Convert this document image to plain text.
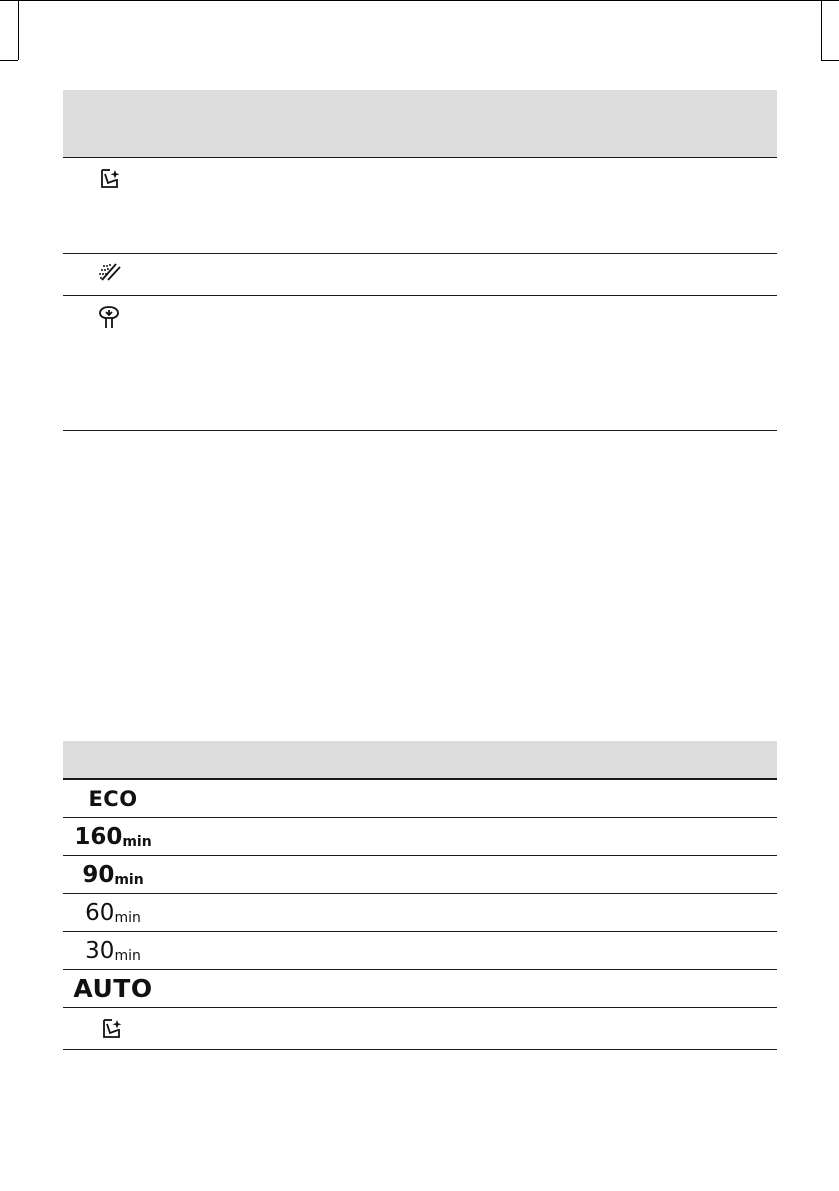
ECO
160 min
90 min
60 min
30 min
AUTO
